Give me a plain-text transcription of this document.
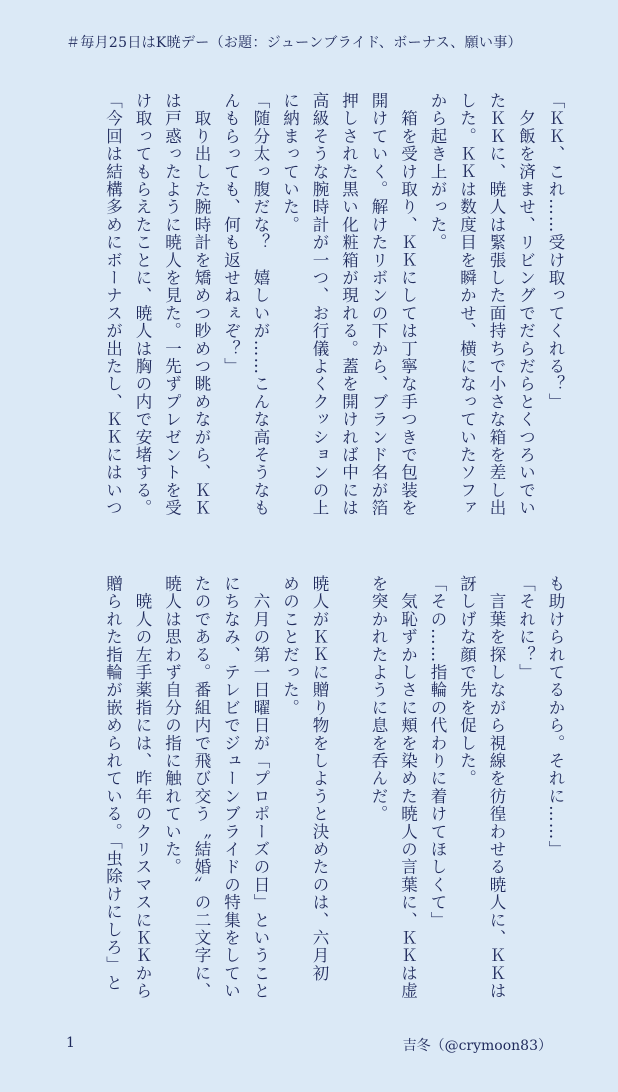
＃毎月25日はK暁デー（お題：ジューンブライド、ボーナス、願い事）
「ＫＫ、これ……受け取ってくれる？」
　夕飯を済ませ、リビングでだらだらとくつろいでい
たＫＫに、暁人は緊張した面持ちで小さな箱を差し出
した。ＫＫは数度目を瞬かせ、横になっていたソファ
から起き上がった。
　箱を受け取り、ＫＫにしては丁寧な手つきで包装を
開けていく。解けたリボンの下から、ブランド名が箔
押しされた黒い化粧箱が現れる。蓋を開ければ中には
高級そうな腕時計が一つ、お行儀よくクッションの上
に納まっていた。
「随分太っ腹だな？　嬉しいが……こんな高そうなも
んもらっても、何も返せねぇぞ？」
　取り出した腕時計を矯めつ眇めつ眺めながら、ＫＫ
は戸惑ったように暁人を見た。一先ずプレゼントを受
け取ってもらえたことに、暁人は胸の内で安堵する。
「今回は結構多めにボーナスが出たし、ＫＫにはいつ
も助けられてるから。それに……」
「それに？」
　言葉を探しながら視線を彷徨わせる暁人に、ＫＫは
訝しげな顔で先を促した。
「その……指輪の代わりに着けてほしくて」
　気恥ずかしさに頬を染めた暁人の言葉に、ＫＫは虚
を突かれたように息を呑んだ。
暁人がＫＫに贈り物をしようと決めたのは、六月初
めのことだった。
　六月の第一日曜日が「プロポーズの日」ということ
にちなみ、テレビでジューンブライドの特集をしてい
たのである。番組内で飛び交う〝結婚〟の二文字に、
暁人は思わず自分の指に触れていた。
　暁人の左手薬指には、昨年のクリスマスにＫＫから
贈られた指輪が嵌められている。「虫除けにしろ」と
1	吉冬（@crymoon83）
